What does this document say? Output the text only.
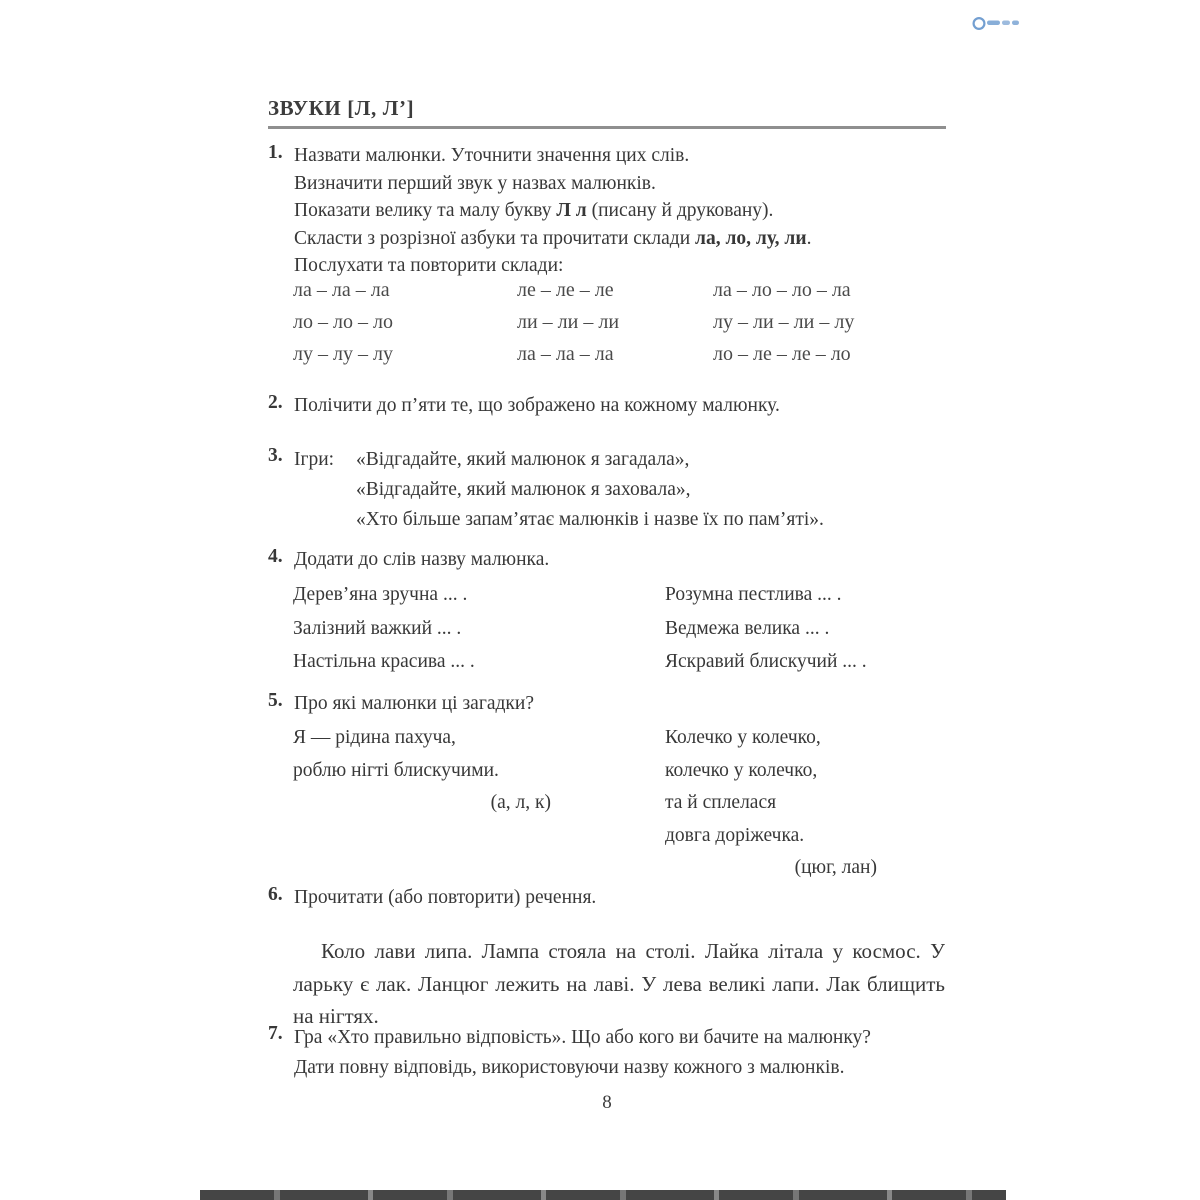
ЗВУКИ [Л, Л’]
1. Назвати малюнки. Уточнити значення цих слів.
Визначити перший звук у назвах малюнків.
Показати велику та малу букву Л л (писану й друковану).
Скласти з розрізної азбуки та прочитати склади ла, ло, лу, ли.
Послухати та повторити склади:
ла – ла – ла
ло – ло – ло
лу – лу – лу
ле – ле – ле
ли – ли – ли
ла – ла – ла
ла – ло – ло – ла
лу – ли – ли – лу
ло – ле – ле – ло
2. Полічити до п’яти те, що зображено на кожному малюнку.
3. Ігри:	«Відгадайте, який малюнок я загадала»,
«Відгадайте, який малюнок я заховала»,
«Хто більше запам’ятає малюнків і назве їх по пам’яті».
4. Додати до слів назву малюнка.
Дерев’яна зручна ... .
Залізний важкий ... .
Настільна красива ... .
Розумна пестлива ... .
Ведмежа велика ... .
Яскравий блискучий ... .
5. Про які малюнки ці загадки?
Я — рідина пахуча,
роблю нігті блискучими.
(а, л, к)
Колечко у колечко,
колечко у колечко,
та й сплелася
довга доріжечка.
(цюг, лан)
6. Прочитати (або повторити) речення.

Коло лави липа. Лампа стояла на столі. Лайка літала у космос. У ларьку є лак. Ланцюг лежить на лаві. У лева великі лапи. Лак блищить на нігтях.

7. Гра «Хто правильно відповість». Що або кого ви бачите на малюнку?
Дати повну відповідь, використовуючи назву кожного з малюнків.
8
